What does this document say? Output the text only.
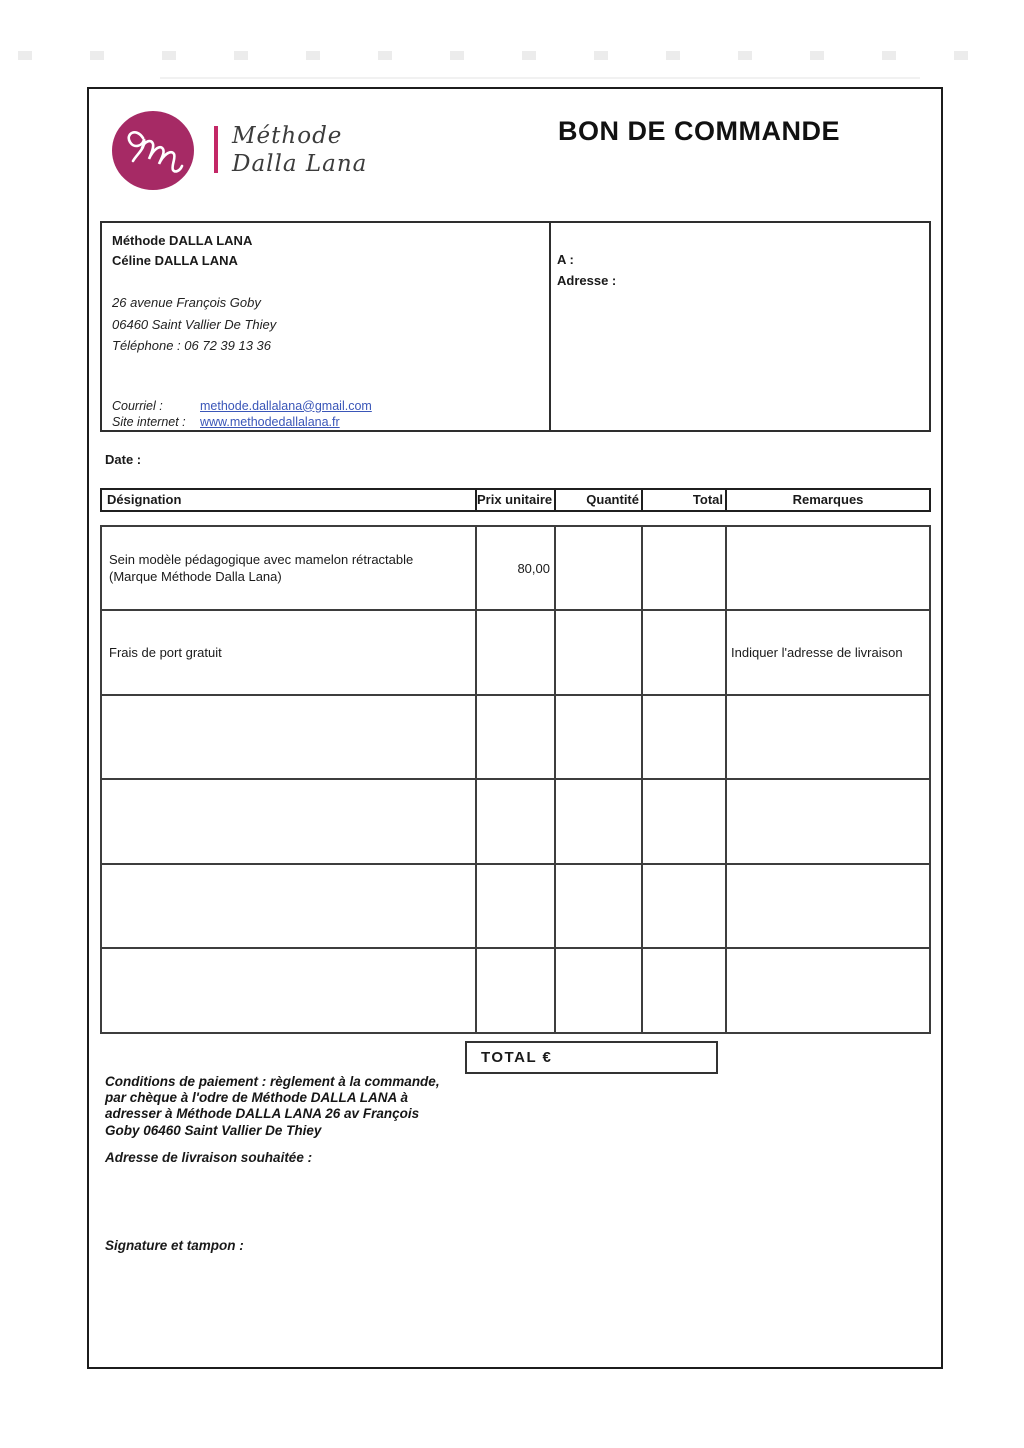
Méthode
Dalla Lana
BON DE COMMANDE
Méthode DALLA LANA
Céline DALLA LANA
26 avenue François Goby
06460 Saint Vallier De Thiey
Téléphone : 06 72 39 13 36
Courriel :	methode.dallalana@gmail.com
Site internet : www.methodedallalana.fr
A :
Adresse :
Date :
Désignation	Prix unitaire	Quantité	Total	Remarques
Sein modèle pédagogique avec mamelon rétractable (Marque Méthode Dalla Lana)	80,00			
Frais de port gratuit				Indiquer l'adresse de livraison

TOTAL €
Conditions de paiement : règlement à la commande, par chèque à l'odre de Méthode DALLA LANA à adresser à Méthode DALLA LANA 26 av François Goby 06460 Saint Vallier De Thiey
Adresse de livraison souhaitée :
Signature et tampon :
